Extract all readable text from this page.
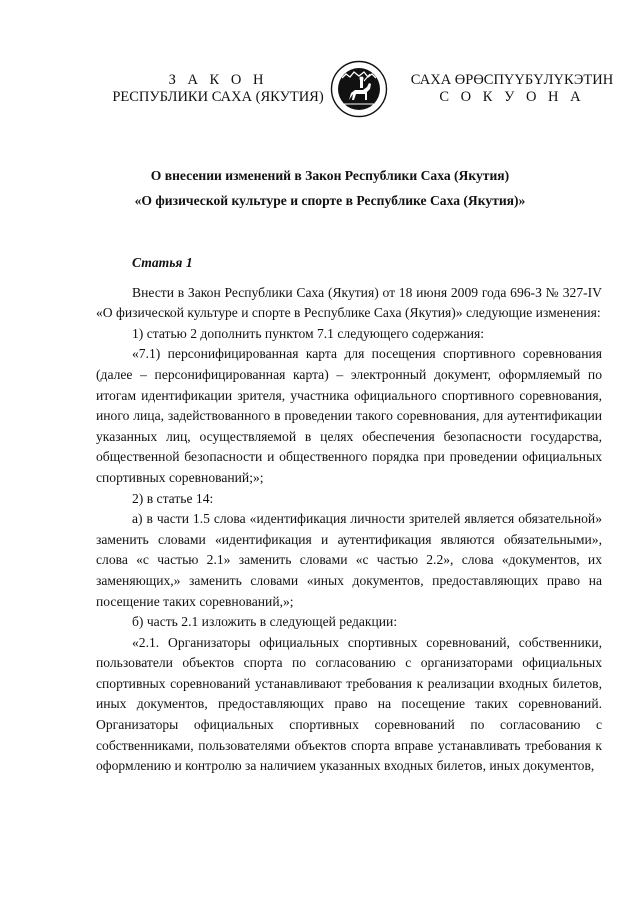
З А К О Н
РЕСПУБЛИКИ САХА (ЯКУТИЯ)
САХА ӨРӨСПҮҮБҮЛҮКЭТИН
С О К У О Н А
О внесении изменений в Закон Республики Саха (Якутия)
«О физической культуре и спорте в Республике Саха (Якутия)»

Статья 1

Внести в Закон Республики Саха (Якутия) от 18 июня 2009 года 696-З № 327-IV «О физической культуре и спорте в Республике Саха (Якутия)» следующие изменения:

1) статью 2 дополнить пунктом 7.1 следующего содержания:

«7.1) персонифицированная карта для посещения спортивного соревнования (далее – персонифицированная карта) – электронный документ, оформляемый по итогам идентификации зрителя, участника официального спортивного соревнования, иного лица, задействованного в проведении такого соревнования, для аутентификации указанных лиц, осуществляемой в целях обеспечения безопасности государства, общественной безопасности и общественного порядка при проведении официальных спортивных соревнований;»;

2) в статье 14:

а) в части 1.5 слова «идентификация личности зрителей является обязательной» заменить словами «идентификация и аутентификация являются обязательными», слова «с частью 2.1» заменить словами «с частью 2.2», слова «документов, их заменяющих,» заменить словами «иных документов, предоставляющих право на посещение таких соревнований,»;

б) часть 2.1 изложить в следующей редакции:

«2.1. Организаторы официальных спортивных соревнований, собственники, пользователи объектов спорта по согласованию с организаторами официальных спортивных соревнований устанавливают требования к реализации входных билетов, иных документов, предоставляющих право на посещение таких соревнований. Организаторы официальных спортивных соревнований по согласованию с собственниками, пользователями объектов спорта вправе устанавливать требования к оформлению и контролю за наличием указанных входных билетов, иных документов,
